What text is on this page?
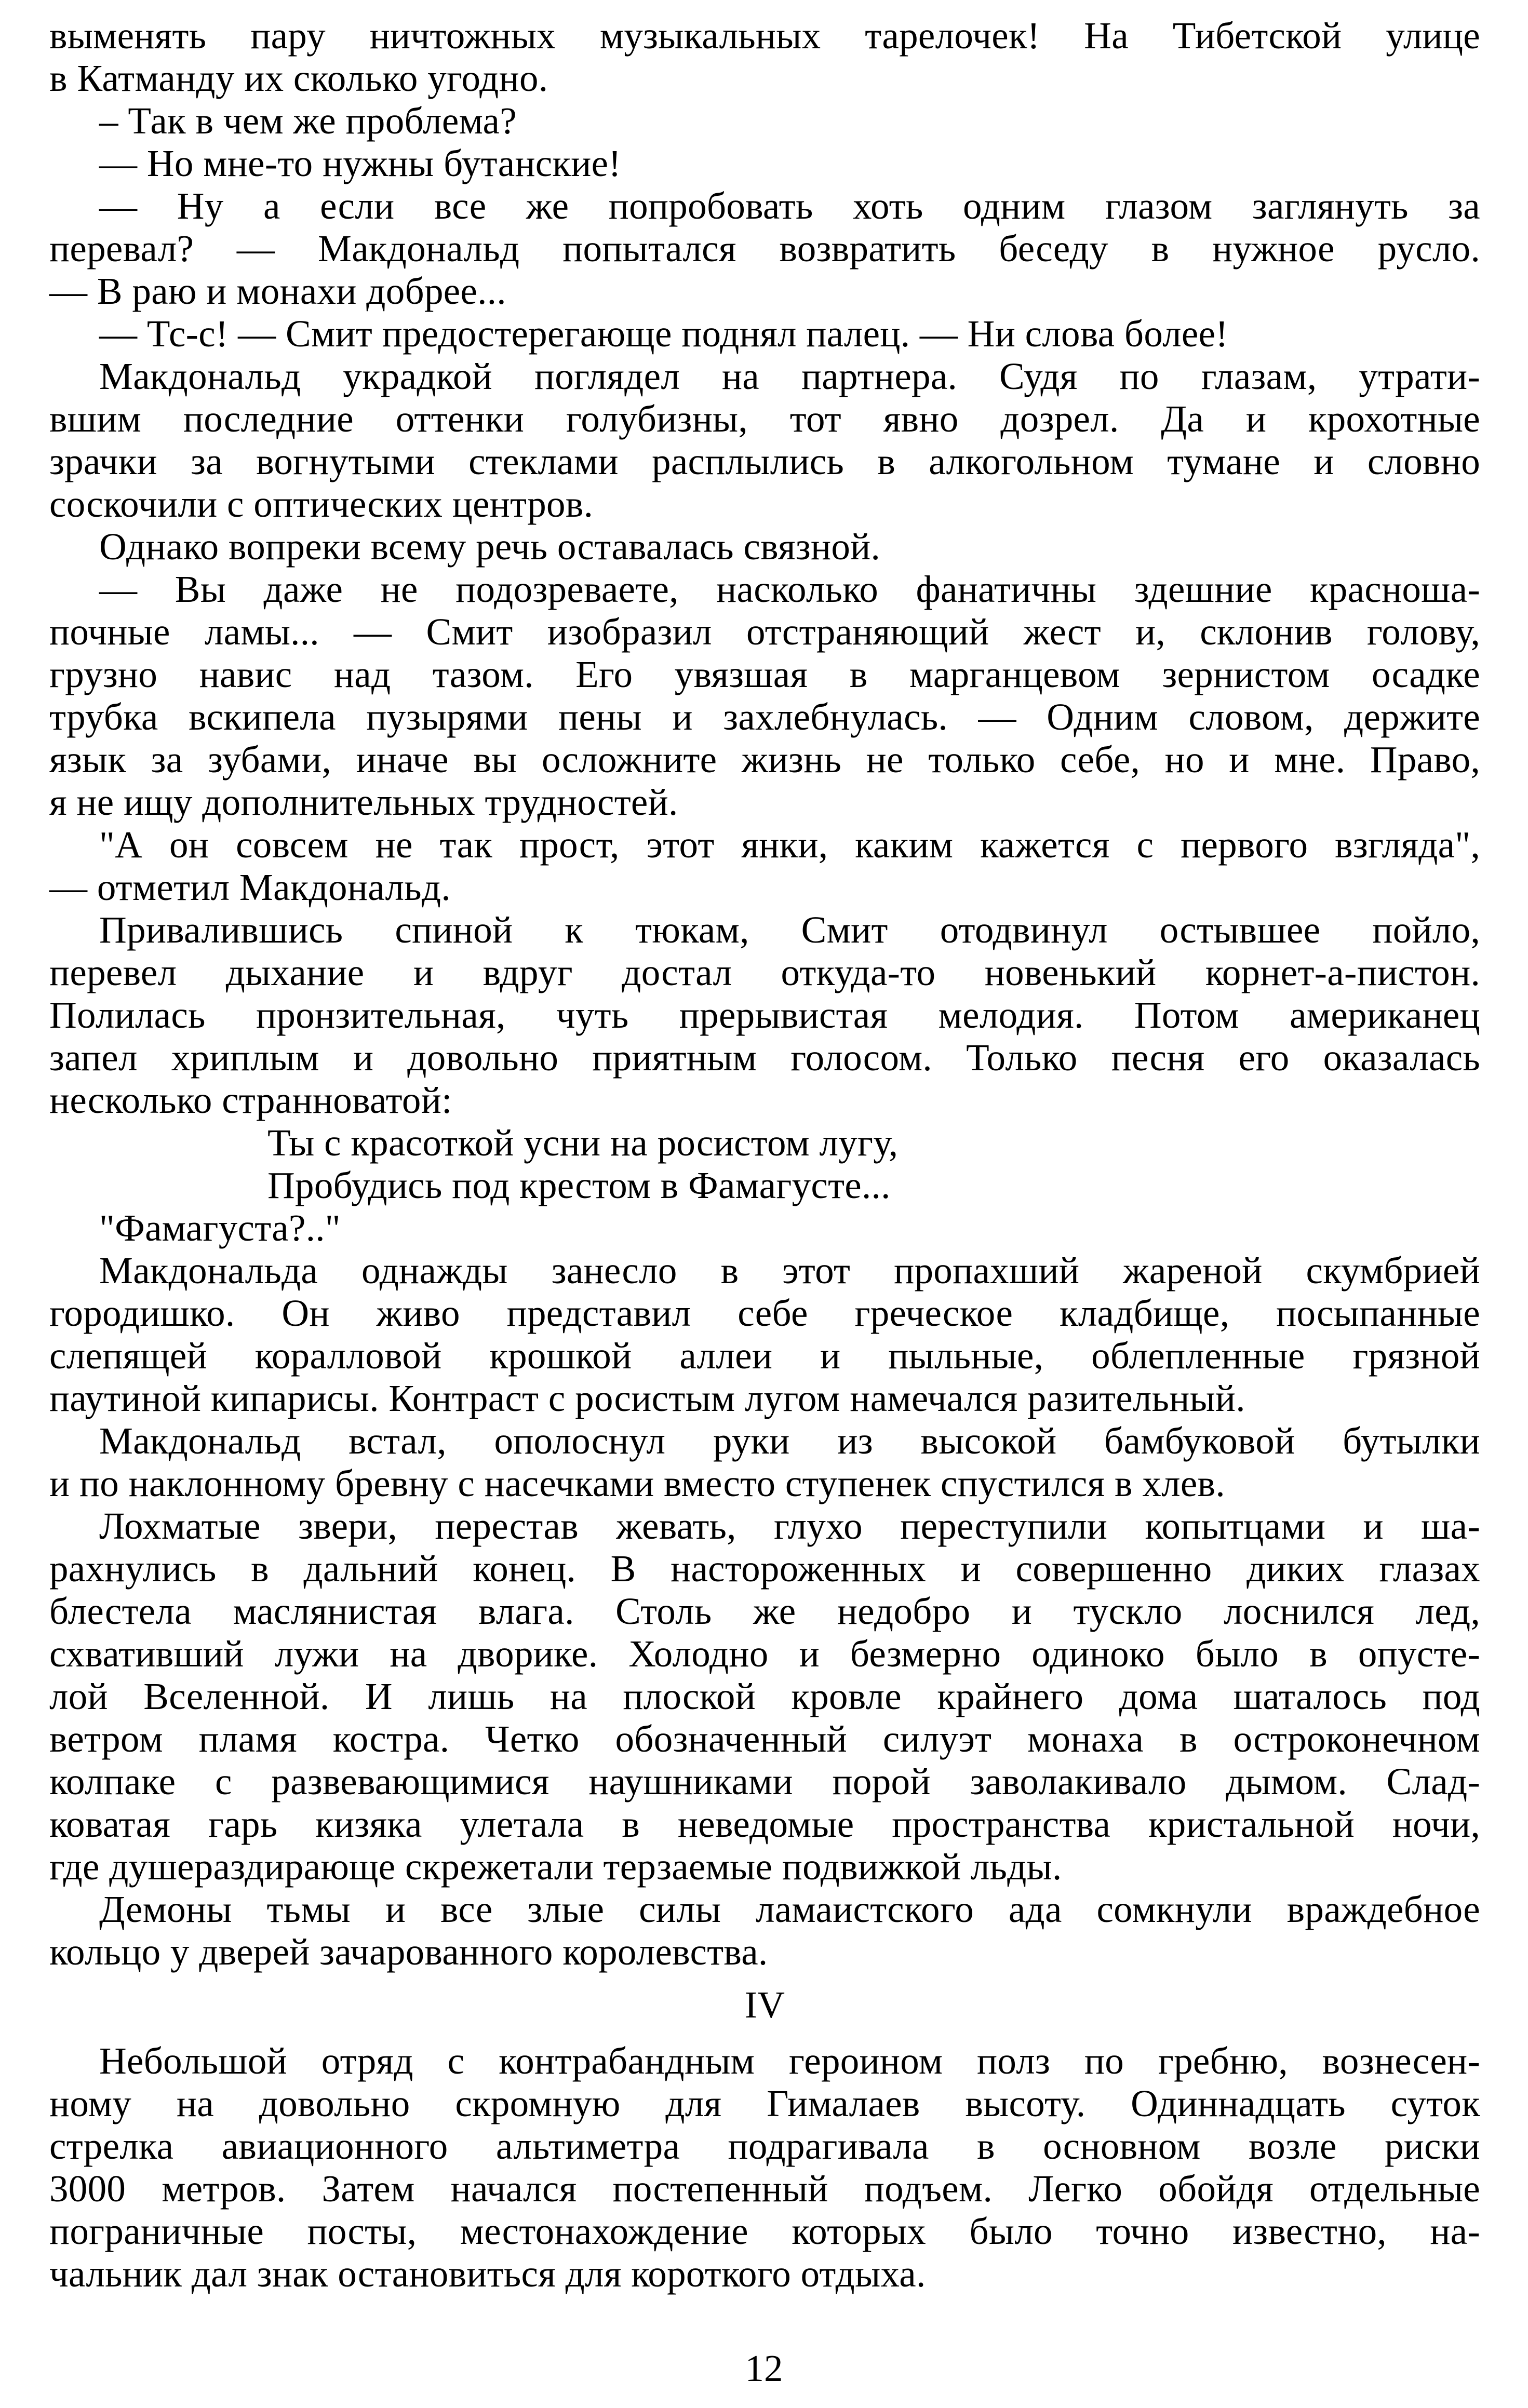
выменять пару ничтожных музыкальных тарелочек! На Тибетской улице
в Катманду их сколько угодно.
– Так в чем же проблема?
— Но мне-то нужны бутанские!
— Ну а если все же попробовать хоть одним глазом заглянуть за
перевал? — Макдональд попытался возвратить беседу в нужное русло.
— В раю и монахи добрее...
— Тс-с! — Смит предостерегающе поднял палец. — Ни слова более!
Макдональд украдкой поглядел на партнера. Судя по глазам, утрати-
вшим последние оттенки голубизны, тот явно дозрел. Да и крохотные
зрачки за вогнутыми стеклами расплылись в алкогольном тумане и словно
соскочили с оптических центров.
Однако вопреки всему речь оставалась связной.
— Вы даже не подозреваете, насколько фанатичны здешние красноша-
почные ламы... — Смит изобразил отстраняющий жест и, склонив голову,
грузно навис над тазом. Его увязшая в марганцевом зернистом осадке
трубка вскипела пузырями пены и захлебнулась. — Одним словом, держите
язык за зубами, иначе вы осложните жизнь не только себе, но и мне. Право,
я не ищу дополнительных трудностей.
"А он совсем не так прост, этот янки, каким кажется с первого взгляда",
— отметил Макдональд.
Привалившись спиной к тюкам, Смит отодвинул остывшее пойло,
перевел дыхание и вдруг достал откуда-то новенький корнет-а-пистон.
Полилась пронзительная, чуть прерывистая мелодия. Потом американец
запел хриплым и довольно приятным голосом. Только песня его оказалась
несколько странноватой:
Ты с красоткой усни на росистом лугу,
Пробудись под крестом в Фамагусте...
"Фамагуста?.."
Макдональда однажды занесло в этот пропахший жареной скумбрией
городишко. Он живо представил себе греческое кладбище, посыпанные
слепящей коралловой крошкой аллеи и пыльные, облепленные грязной
паутиной кипарисы. Контраст с росистым лугом намечался разительный.
Макдональд встал, ополоснул руки из высокой бамбуковой бутылки
и по наклонному бревну с насечками вместо ступенек спустился в хлев.
Лохматые звери, перестав жевать, глухо переступили копытцами и ша-
рахнулись в дальний конец. В настороженных и совершенно диких глазах
блестела маслянистая влага. Столь же недобро и тускло лоснился лед,
схвативший лужи на дворике. Холодно и безмерно одиноко было в опусте-
лой Вселенной. И лишь на плоской кровле крайнего дома шаталось под
ветром пламя костра. Четко обозначенный силуэт монаха в остроконечном
колпаке с развевающимися наушниками порой заволакивало дымом. Слад-
коватая гарь кизяка улетала в неведомые пространства кристальной ночи,
где душераздирающе скрежетали терзаемые подвижкой льды.
Демоны тьмы и все злые силы ламаистского ада сомкнули враждебное
кольцо у дверей зачарованного королевства.
IV
Небольшой отряд с контрабандным героином полз по гребню, вознесен-
ному на довольно скромную для Гималаев высоту. Одиннадцать суток
стрелка авиационного альтиметра подрагивала в основном возле риски
3000 метров. Затем начался постепенный подъем. Легко обойдя отдельные
пограничные посты, местонахождение которых было точно известно, на-
чальник дал знак остановиться для короткого отдыха.
12
